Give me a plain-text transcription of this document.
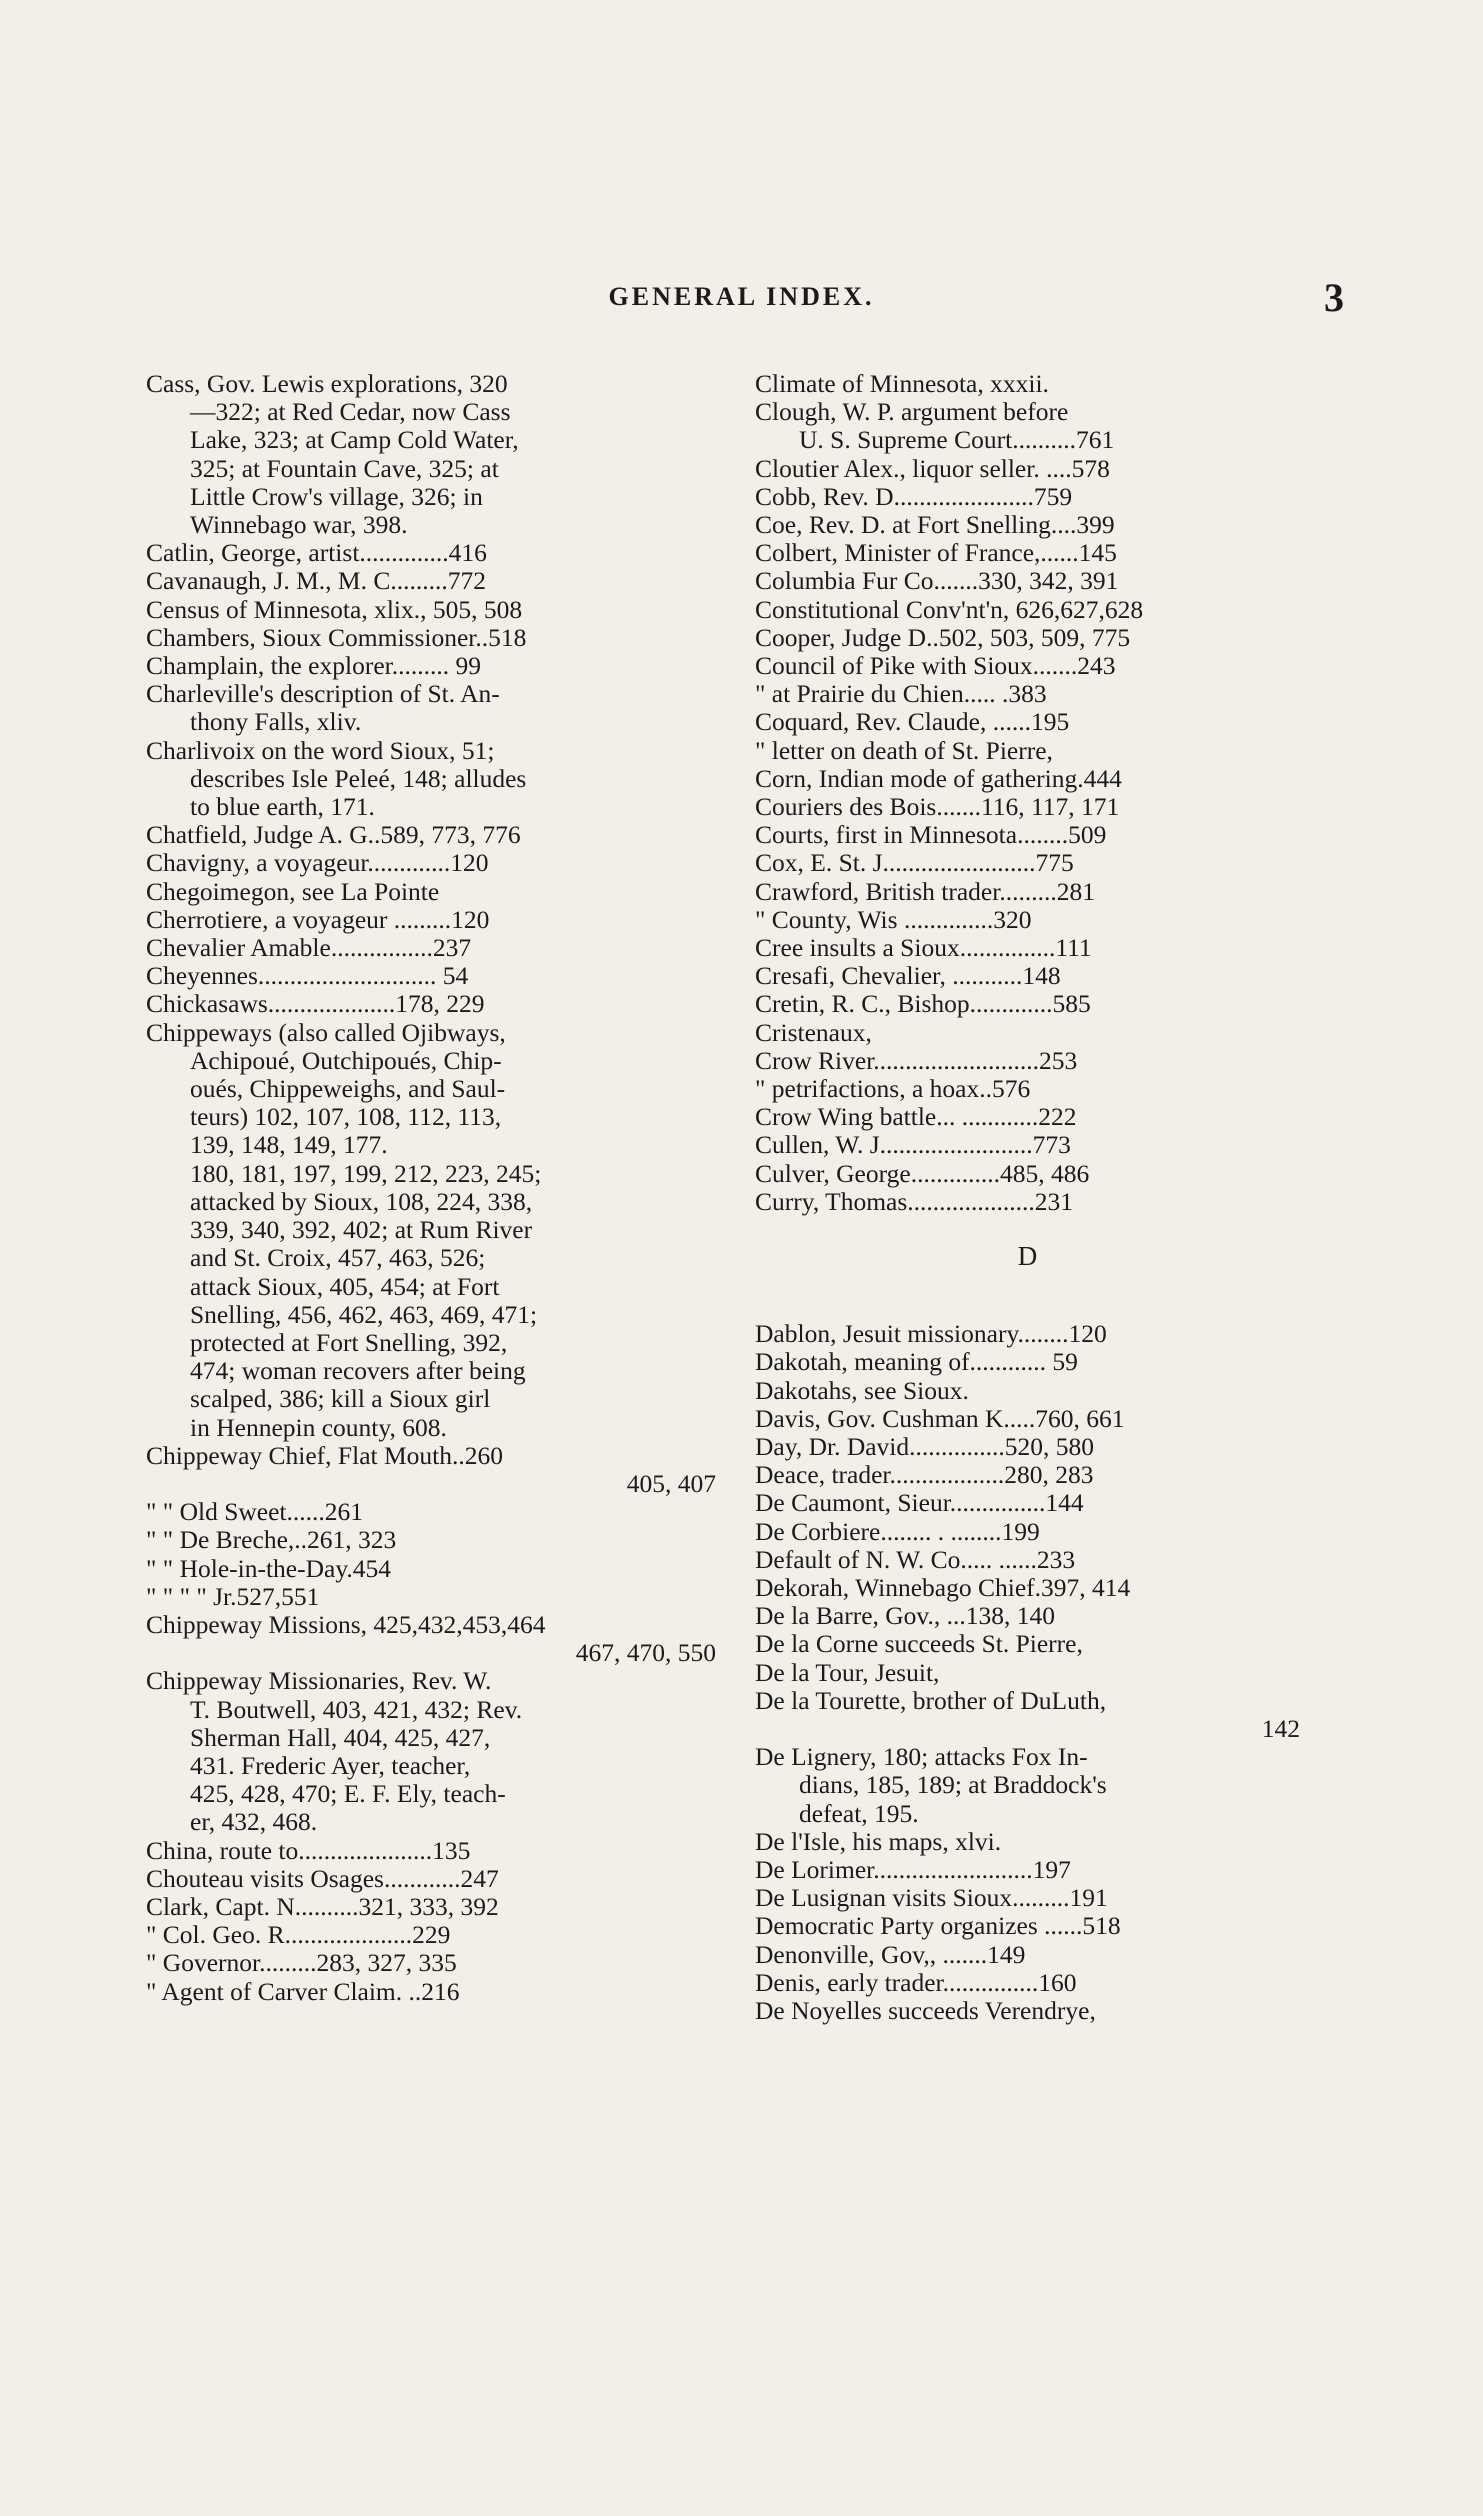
GENERAL INDEX.	3

Cass, Gov. Lewis explorations, 320

—322; at Red Cedar, now Cass

Lake, 323; at Camp Cold Water,

325; at Fountain Cave, 325; at

Little Crow's village, 326; in

Winnebago war, 398.

Catlin, George, artist..............416

Cavanaugh, J. M., M. C.........772

Census of Minnesota, xlix., 505, 508

Chambers, Sioux Commissioner..518

Champlain, the explorer......... 99

Charleville's description of St. An-

thony Falls, xliv.

Charlivoix on the word Sioux, 51;

describes Isle Peleé, 148; alludes

to blue earth, 171.

Chatfield, Judge A. G..589, 773, 776

Chavigny, a voyageur.............120

Chegoimegon, see La Pointe

Cherrotiere, a voyageur .........120

Chevalier Amable................237

Cheyennes............................ 54

Chickasaws....................178, 229

Chippeways (also called Ojibways,

Achipoué, Outchipoués, Chip-

oués, Chippeweighs, and Saul-

teurs) 102, 107, 108, 112, 113,

139, 148, 149, 177.

180, 181, 197, 199, 212, 223, 245;

attacked by Sioux, 108, 224, 338,

339, 340, 392, 402; at Rum River

and St. Croix, 457, 463, 526;

attack Sioux, 405, 454; at Fort

Snelling, 456, 462, 463, 469, 471;

protected at Fort Snelling, 392,

474; woman recovers after being

scalped, 386; kill a Sioux girl

in Hennepin county, 608.

Chippeway Chief, Flat Mouth..260

405, 407

" " Old Sweet......261

" " De Breche,..261, 323

" " Hole-in-the-Day.454

" " " " Jr.527,551

Chippeway Missions, 425,432,453,464

467, 470, 550

Chippeway Missionaries, Rev. W.

T. Boutwell, 403, 421, 432; Rev.

Sherman Hall, 404, 425, 427,

431. Frederic Ayer, teacher,

425, 428, 470; E. F. Ely, teach-

er, 432, 468.

China, route to.....................135

Chouteau visits Osages............247

Clark, Capt. N..........321, 333, 392

" Col. Geo. R....................229

" Governor.........283, 327, 335

" Agent of Carver Claim. ..216

Climate of Minnesota, xxxii.

Clough, W. P. argument before

U. S. Supreme Court..........761

Cloutier Alex., liquor seller. ....578

Cobb, Rev. D......................759

Coe, Rev. D. at Fort Snelling....399

Colbert, Minister of France,......145

Columbia Fur Co.......330, 342, 391

Constitutional Conv'nt'n, 626,627,628

Cooper, Judge D..502, 503, 509, 775

Council of Pike with Sioux.......243

" at Prairie du Chien..... .383

Coquard, Rev. Claude, ......195

" letter on death of St. Pierre,

Corn, Indian mode of gathering.444

Couriers des Bois.......116, 117, 171

Courts, first in Minnesota........509

Cox, E. St. J........................775

Crawford, British trader.........281

" County, Wis ..............320

Cree insults a Sioux...............111

Cresafi, Chevalier, ...........148

Cretin, R. C., Bishop.............585

Cristenaux,

Crow River..........................253

" petrifactions, a hoax..576

Crow Wing battle... ............222

Cullen, W. J........................773

Culver, George..............485, 486

Curry, Thomas....................231

D

Dablon, Jesuit missionary........120

Dakotah, meaning of............ 59

Dakotahs, see Sioux.

Davis, Gov. Cushman K.....760, 661

Day, Dr. David...............520, 580

Deace, trader..................280, 283

De Caumont, Sieur...............144

De Corbiere........ . ........199

Default of N. W. Co..... ......233

Dekorah, Winnebago Chief.397, 414

De la Barre, Gov., ...138, 140

De la Corne succeeds St. Pierre,

De la Tour, Jesuit,

De la Tourette, brother of DuLuth,

142

De Lignery, 180; attacks Fox In-

dians, 185, 189; at Braddock's

defeat, 195.

De l'Isle, his maps, xlvi.

De Lorimer.........................197

De Lusignan visits Sioux.........191

Democratic Party organizes ......518

Denonville, Gov,, .......149

Denis, early trader...............160

De Noyelles succeeds Verendrye,
